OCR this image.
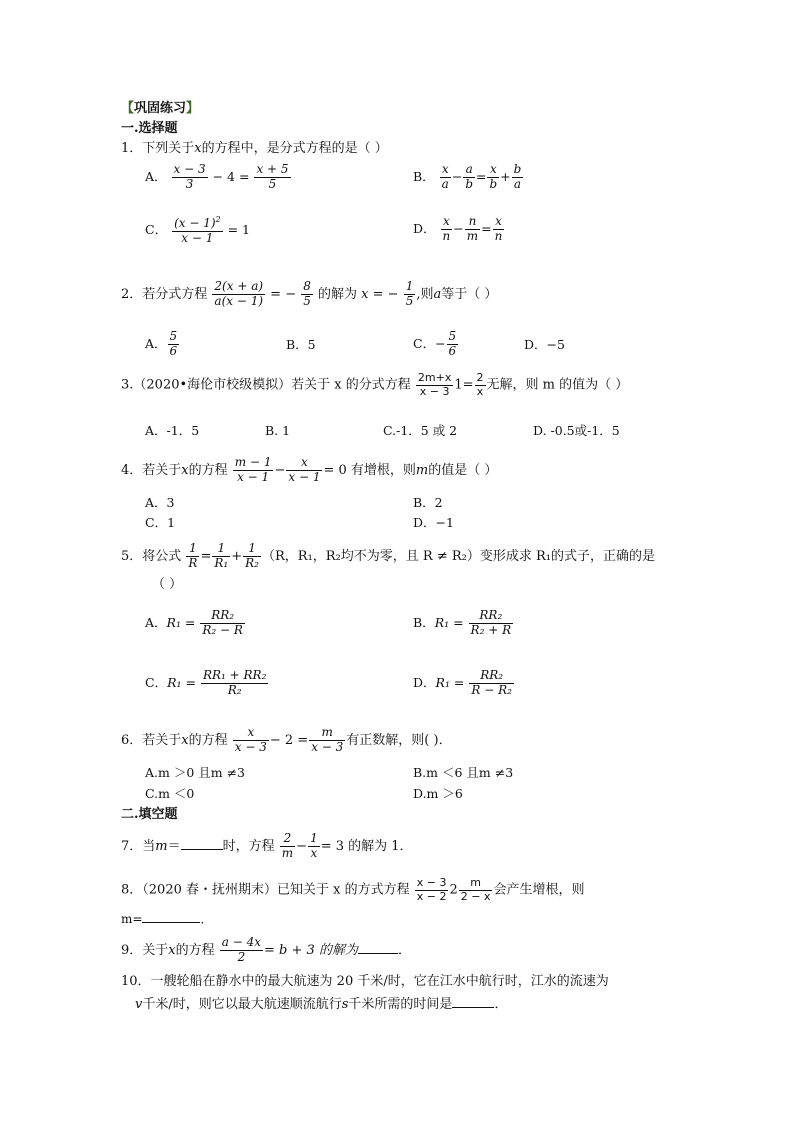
【巩固练习】
一.选择题
1．下列关于x的方程中，是分式方程的是（ ）
A． $\frac{x - 3}{3} - 4 = \frac{x + 5}{5}$	B． $\frac{x}{a} - \frac{a}{b} = \frac{x}{b} + \frac{b}{a}$
C． $\frac{(x - 1)^2}{x - 1} = 1$	D． $\frac{x}{n} - \frac{n}{m} = \frac{x}{n}$
2．若分式方程 $\frac{2(x + a)}{a(x - 1)}$ = − $\frac{8}{5}$ 的解为 x = − $\frac{1}{5}$ ,则a等于（ ）
A． $\frac{5}{6}$	B．5	C．− $\frac{5}{6}$	D．−5
3.（2020•海伦市校级模拟）若关于 x 的分式方程 $\frac{2m+x}{x - 3} 1= \frac{2}{x}$ 无解，则 m 的值为（ ）
A．-1．5	B. 1	C.-1．5 或 2	D. -0.5或-1．5
4．若关于x的方程 $\frac{m - 1}{x - 1} - \frac{x}{x - 1} = 0$ 有增根，则m的值是（ ）
A．3	B．2
C．1	D．−1
5．将公式 $\frac{1}{R} = \frac{1}{\text{R₁}} + \frac{1}{\text{R₂}} (R$，R₁，R₂均不为零，且 R ≠ R₂）变形成求 R₁的式子，正确的是
（ ）
A．$R_1 = \frac{\text{RR₂}}{\text{R₂ − R}}$	B．$R_1 = \frac{\text{RR₂}}{\text{R₂ + R}}$
C．$R_1 = \frac{\text{RR₁ + RR₂}}{\text{R₂}}$	D．$R_1 = \frac{\text{RR₂}}{\text{R − R₂}}$
6．若关于x的方程 $\frac{x}{x - 3} - 2 = \frac{m}{x - 3}$ 有正数解，则( )．
A.m ＞0 且m ≠3	B.m ＜6 且m ≠3
C.m ＜0	D.m ＞6
二.填空题
7．当m＝	时，方程 $\frac{2}{m} - \frac{1}{x} = 3$ 的解为 1．
8．（2020 春・抚州期末）已知关于 x 的方式方程 $\frac{x - 3}{x - 2} 2 \frac{m}{2 - x}$ 会产生增根，则
m=	．
9．关于x的方程 $\frac{a - 4x}{2} = b + 3$ 的解为	．
10．一艘轮船在静水中的最大航速为 20 千米/时，它在江水中航行时，江水的流速为
v千米/时，则它以最大航速顺流航行s千米所需的时间是	．
